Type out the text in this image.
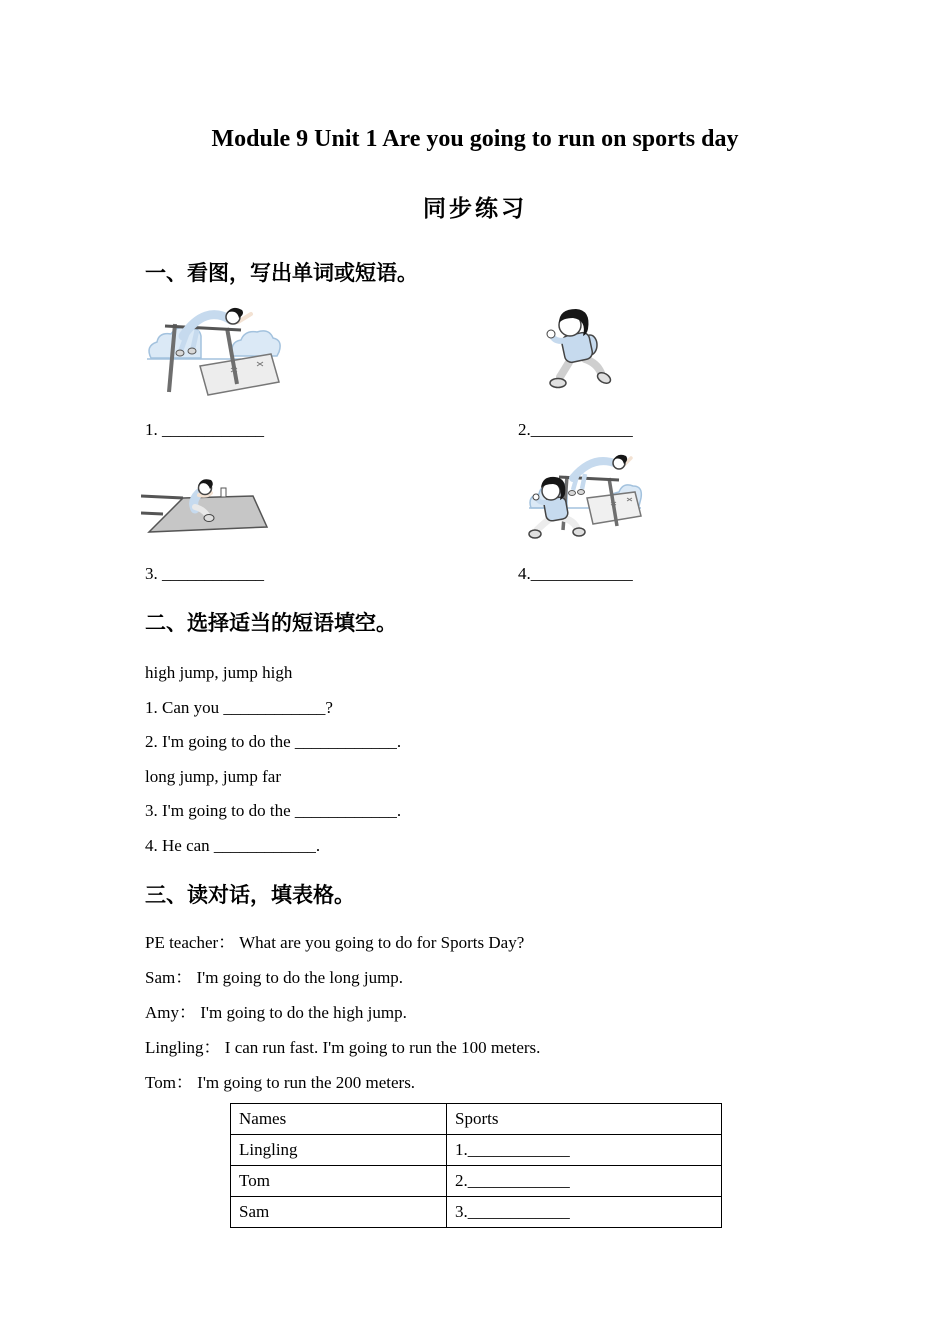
Module 9 Unit 1 Are you going to run on sports day
同步练习
一、看图，写出单词或短语。
1. ____________	2.____________
3. ____________	4.____________
二、选择适当的短语填空。
high jump, jump high
1. Can you ____________?
2. I'm going to do the ____________.
long jump, jump far
3. I'm going to do the ____________.
4. He can ____________.
三、读对话，填表格。
PE teacher： What are you going to do for Sports Day?
Sam： I'm going to do the long jump.
Amy： I'm going to do the high jump.
Lingling： I can run fast. I'm going to run the 100 meters.
Tom： I'm going to run the 200 meters.
Names	Sports
Lingling	1.____________
Tom	2.____________
Sam	3.____________
